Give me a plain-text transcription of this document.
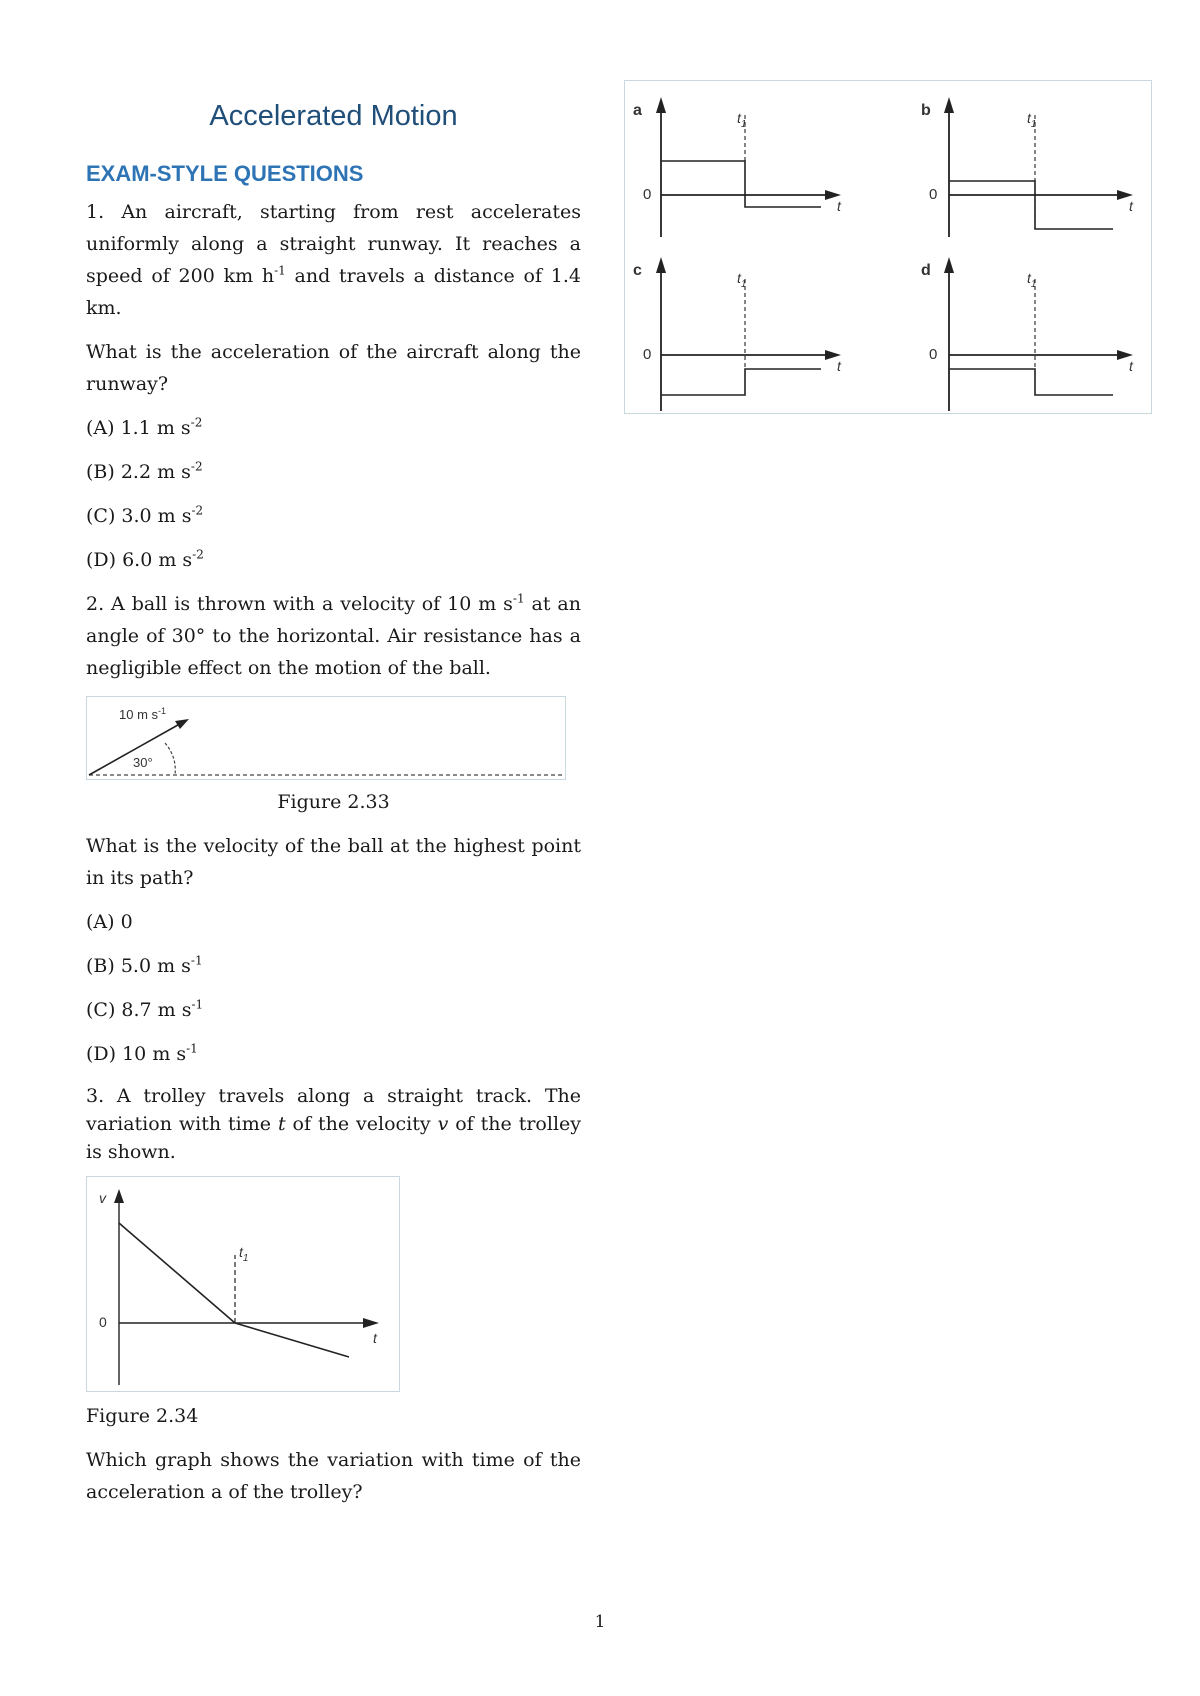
Accelerated Motion
EXAM-STYLE QUESTIONS

1. An aircraft, starting from rest accelerates uniformly along a straight runway. It reaches a speed of 200 km $h^{-1}$ and travels a distance of 1.4 km.

What is the acceleration of the aircraft along the runway?

(A) 1.1 m $s^{-2}$
(B) 2.2 m $s^{-2}$
(C) 3.0 m $s^{-2}$
(D) 6.0 m $s^{-2}$

2. A ball is thrown with a velocity of 10 m $s^{-1}$ at an angle of 30° to the horizontal. Air resistance has a negligible effect on the motion of the ball.

10 m $s^{-1}$
30°
Figure 2.33

What is the velocity of the ball at the highest point in its path?

(A) 0
(B) 5.0 m $s^{-1}$
(C) 8.7 m $s^{-1}$
(D) 10 m $s^{-1}$

3. A trolley travels along a straight track. The variation with time t of the velocity v of the trolley is shown.

v
0
t
$t_1$
Figure 2.34

Which graph shows the variation with time of the acceleration a of the trolley?

a
0
t
$t_1$
b
0
t
$t_1$
c
0
t
$t_1$
d
0
t
$t_1$
1
